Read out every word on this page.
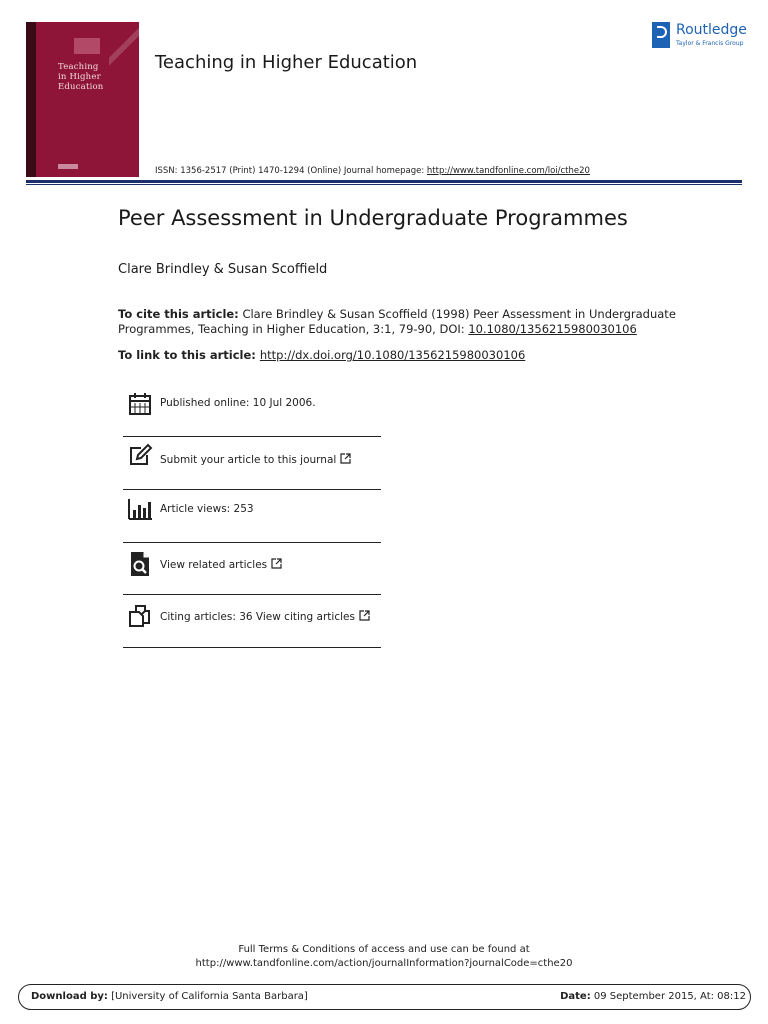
Teaching
in Higher
Education
Teaching in Higher Education
Routledge
Taylor & Francis Group
ISSN: 1356-2517 (Print) 1470-1294 (Online) Journal homepage: http://www.tandfonline.com/loi/cthe20
Peer Assessment in Undergraduate Programmes
Clare Brindley & Susan Scoffield
To cite this article: Clare Brindley & Susan Scoffield (1998) Peer Assessment in Undergraduate Programmes, Teaching in Higher Education, 3:1, 79-90, DOI: 10.1080/1356215980030106
To link to this article: http://dx.doi.org/10.1080/1356215980030106
Published online: 10 Jul 2006.
Submit your article to this journal
Article views: 253
View related articles
Citing articles: 36 View citing articles
Full Terms & Conditions of access and use can be found at
http://www.tandfonline.com/action/journalInformation?journalCode=cthe20
Download by: [University of California Santa Barbara]	Date: 09 September 2015, At: 08:12
